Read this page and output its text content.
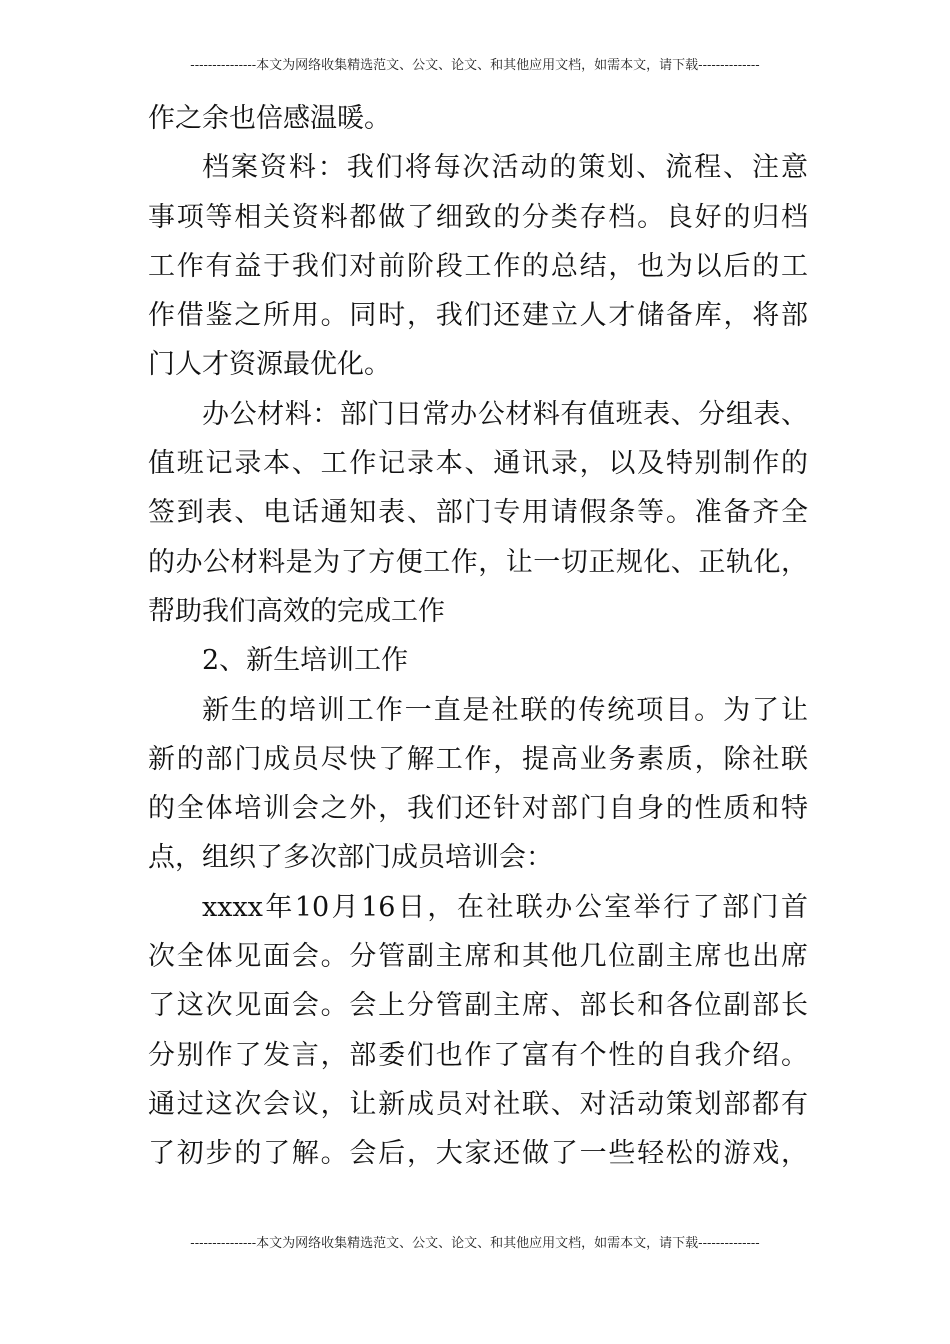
---------------本文为网络收集精选范文、公文、论文、和其他应用文档，如需本文，请下载--------------
作之余也倍感温暖。
档案资料：我们将每次活动的策划、流程、注意
事项等相关资料都做了细致的分类存档。良好的归档
工作有益于我们对前阶段工作的总结，也为以后的工
作借鉴之所用。同时，我们还建立人才储备库，将部
门人才资源最优化。
办公材料：部门日常办公材料有值班表、分组表、
值班记录本、工作记录本、通讯录，以及特别制作的
签到表、电话通知表、部门专用请假条等。准备齐全
的办公材料是为了方便工作，让一切正规化、正轨化，
帮助我们高效的完成工作
2、新生培训工作
新生的培训工作一直是社联的传统项目。为了让
新的部门成员尽快了解工作，提高业务素质，除社联
的全体培训会之外，我们还针对部门自身的性质和特
点，组织了多次部门成员培训会：
xxxx年10月16日，在社联办公室举行了部门首
次全体见面会。分管副主席和其他几位副主席也出席
了这次见面会。会上分管副主席、部长和各位副部长
分别作了发言，部委们也作了富有个性的自我介绍。
通过这次会议，让新成员对社联、对活动策划部都有
了初步的了解。会后，大家还做了一些轻松的游戏，
---------------本文为网络收集精选范文、公文、论文、和其他应用文档，如需本文，请下载--------------
